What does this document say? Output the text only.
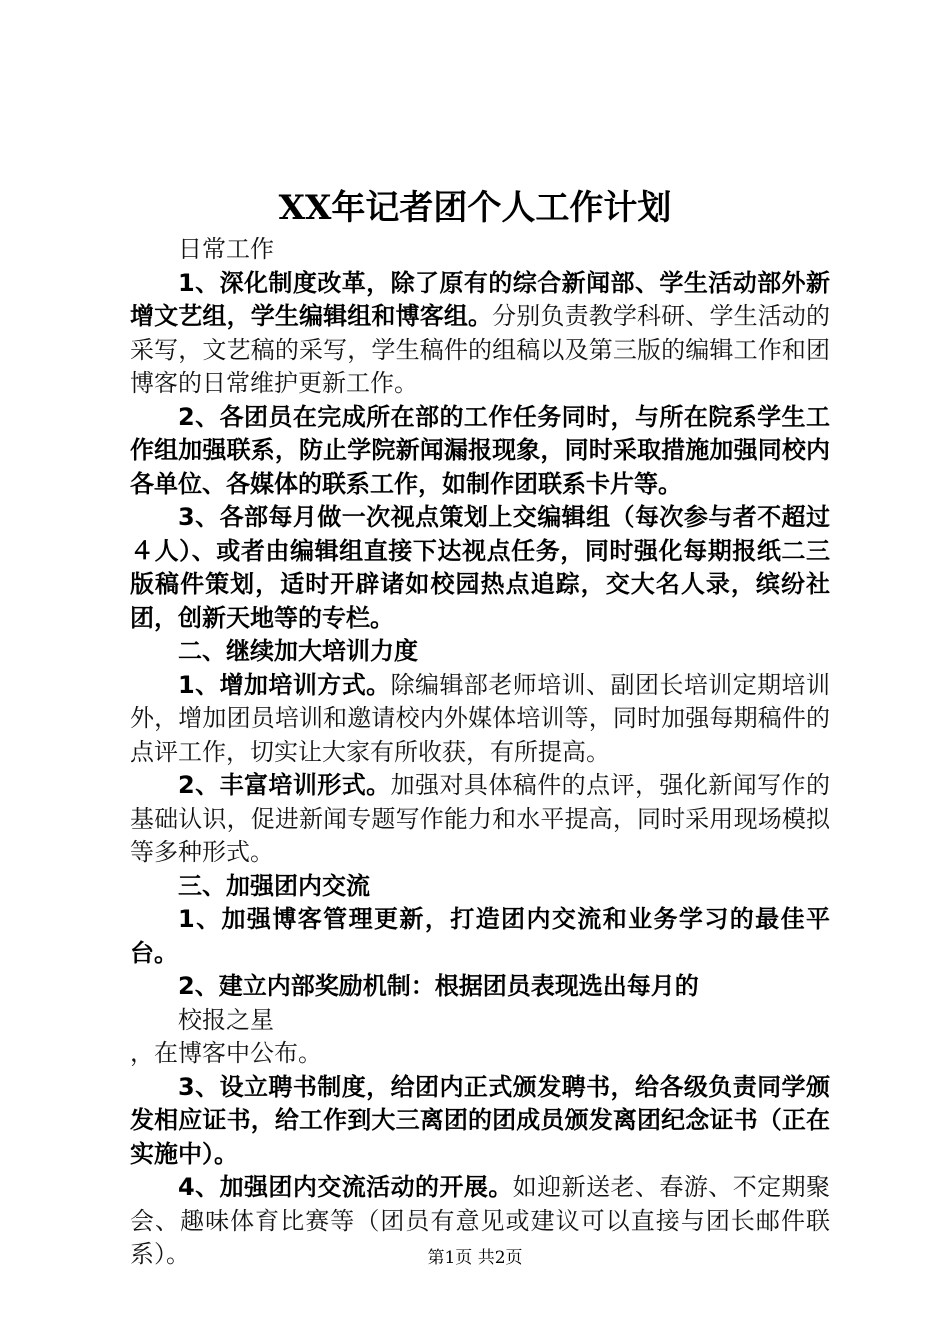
XX年记者团个人工作计划

日常工作

1、深化制度改革，除了原有的综合新闻部、学生活动部外新增文艺组，学生编辑组和博客组。分别负责教学科研、学生活动的采写，文艺稿的采写，学生稿件的组稿以及第三版的编辑工作和团博客的日常维护更新工作。

2、各团员在完成所在部的工作任务同时，与所在院系学生工作组加强联系，防止学院新闻漏报现象，同时采取措施加强同校内各单位、各媒体的联系工作，如制作团联系卡片等。

3、各部每月做一次视点策划上交编辑组（每次参与者不超过４人）、或者由编辑组直接下达视点任务，同时强化每期报纸二三版稿件策划，适时开辟诸如校园热点追踪，交大名人录，缤纷社团，创新天地等的专栏。

二、继续加大培训力度

1、增加培训方式。除编辑部老师培训、副团长培训定期培训外，增加团员培训和邀请校内外媒体培训等，同时加强每期稿件的点评工作，切实让大家有所收获，有所提高。

2、丰富培训形式。加强对具体稿件的点评，强化新闻写作的基础认识，促进新闻专题写作能力和水平提高，同时采用现场模拟等多种形式。

三、加强团内交流

1、加强博客管理更新，打造团内交流和业务学习的最佳平台。

2、建立内部奖励机制：根据团员表现选出每月的

校报之星

，在博客中公布。

3、设立聘书制度，给团内正式颁发聘书，给各级负责同学颁发相应证书，给工作到大三离团的团成员颁发离团纪念证书（正在实施中）。

4、加强团内交流活动的开展。如迎新送老、春游、不定期聚会、趣味体育比赛等（团员有意见或建议可以直接与团长邮件联系）。	第1页 共2页
